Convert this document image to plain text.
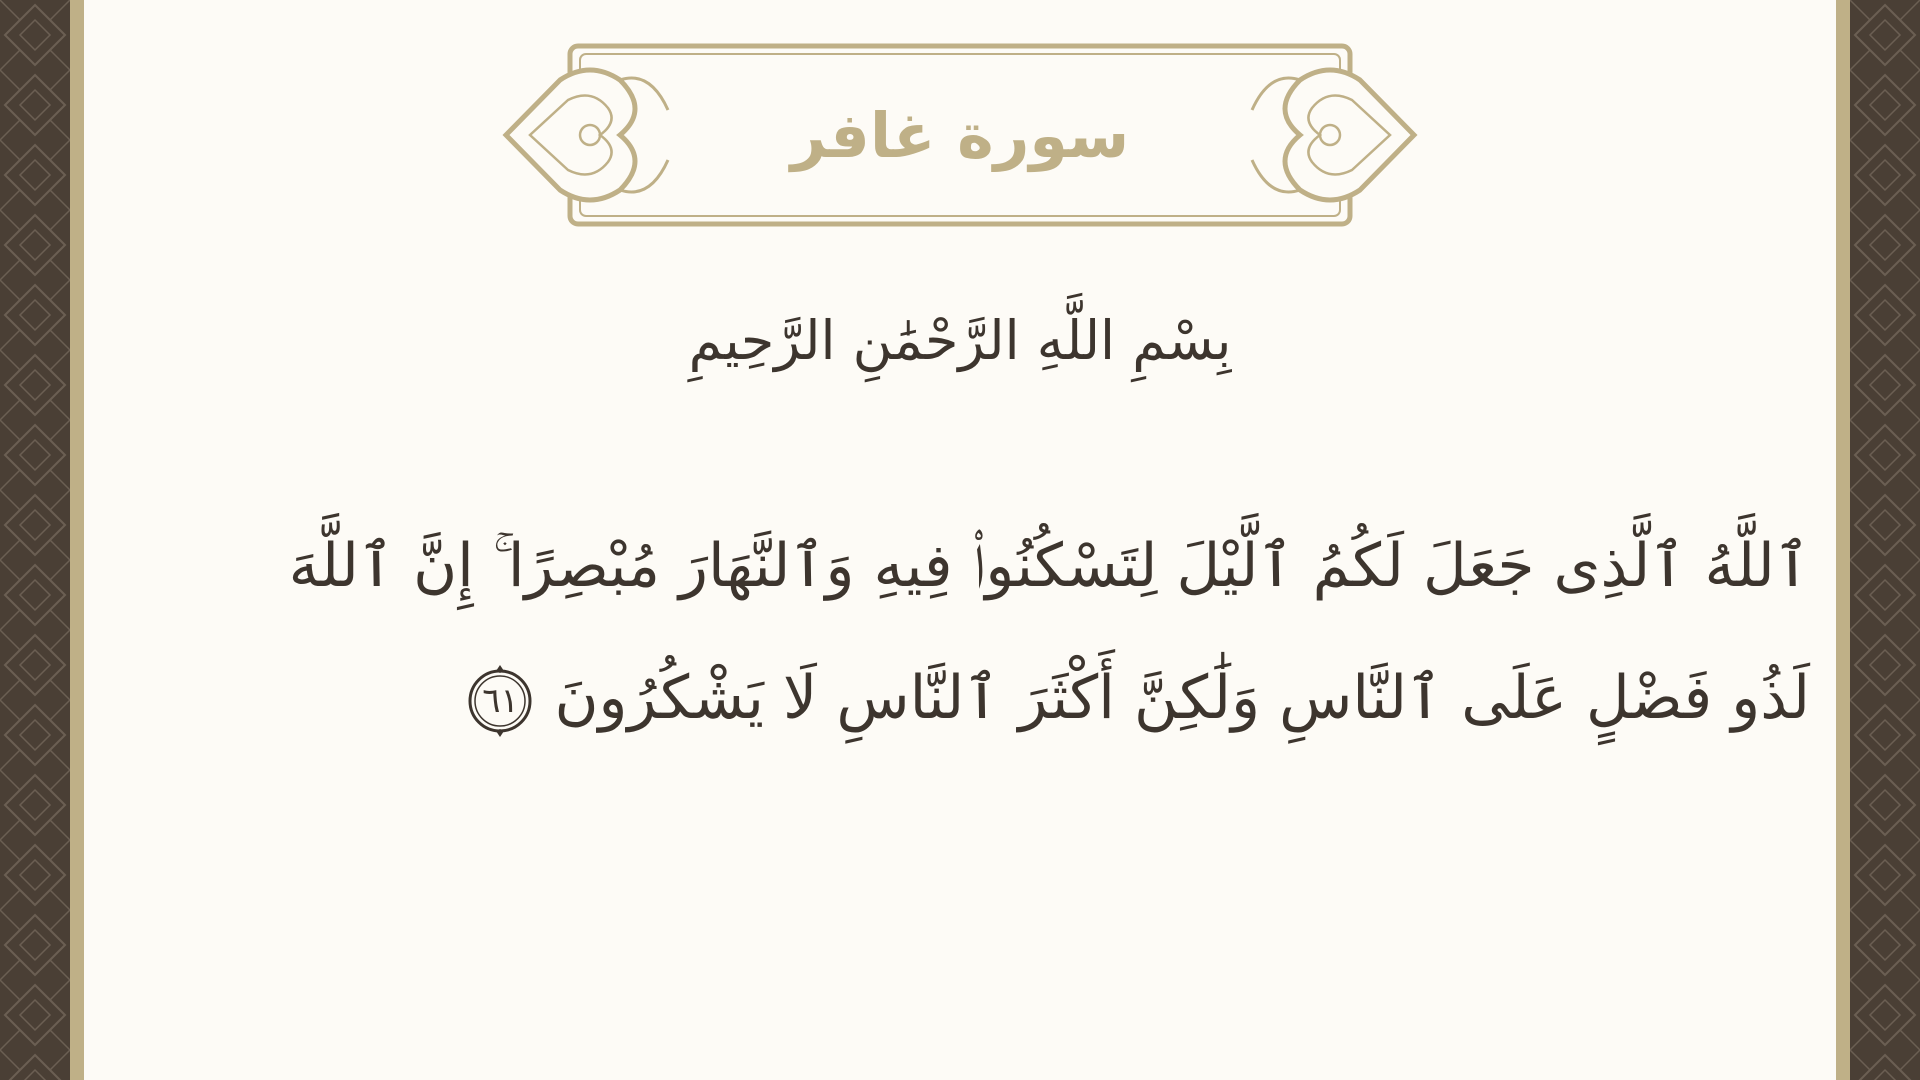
سورة غافر
بِسْمِ اللَّهِ الرَّحْمَٰنِ الرَّحِيمِ
ٱللَّهُ ٱلَّذِى جَعَلَ لَكُمُ ٱلَّيْلَ لِتَسْكُنُوا۟ فِيهِ وَٱلنَّهَارَ مُبْصِرًا ۚ إِنَّ ٱللَّهَ
لَذُو فَضْلٍ عَلَى ٱلنَّاسِ وَلَٰكِنَّ أَكْثَرَ ٱلنَّاسِ لَا يَشْكُرُونَ
٦١
